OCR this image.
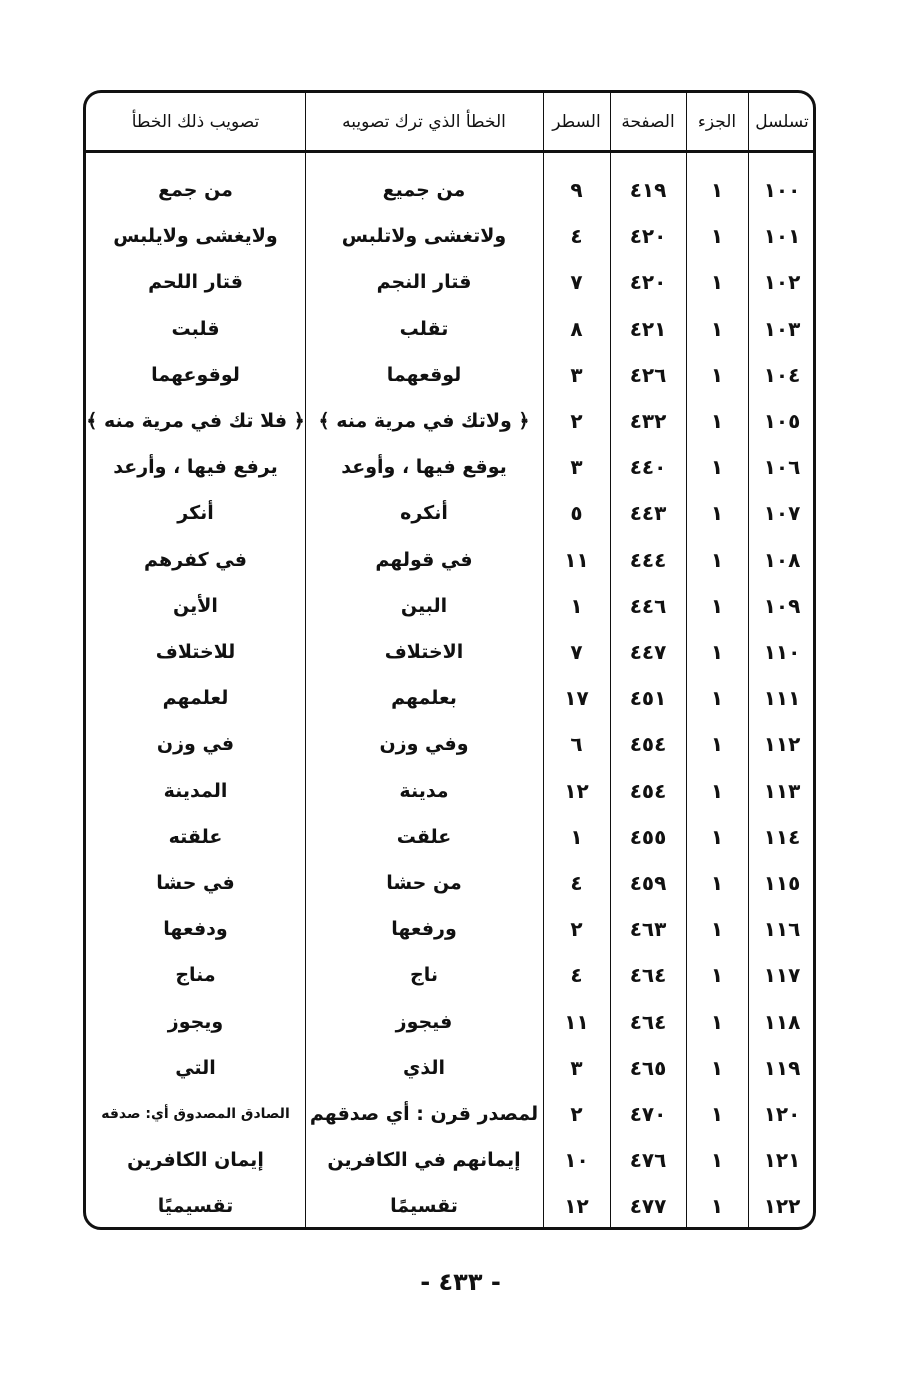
تسلسل
الجزء
الصفحة
السطر
الخطأ الذي ترك تصويبه
تصويب ذلك الخطأ
١٠٠
١
٤١٩
٩
من جميع
من جمع
١٠١
١
٤٢٠
٤
ولاتغشى ولاتلبس
ولايغشى ولايلبس
١٠٢
١
٤٢٠
٧
قتار النجم
قتار اللحم
١٠٣
١
٤٢١
٨
تقلب
قلبت
١٠٤
١
٤٢٦
٣
لوقعهما
لوقوعهما
١٠٥
١
٤٣٢
٢
﴿ ولاتك في مرية منه ﴾
﴿ فلا تك في مرية منه ﴾
١٠٦
١
٤٤٠
٣
يوقع فيها ، وأوعد
يرفع فيها ، وأرعد
١٠٧
١
٤٤٣
٥
أنكره
أنكر
١٠٨
١
٤٤٤
١١
في قولهم
في كفرهم
١٠٩
١
٤٤٦
١
البين
الأين
١١٠
١
٤٤٧
٧
الاختلاف
للاختلاف
١١١
١
٤٥١
١٧
بعلمهم
لعلمهم
١١٢
١
٤٥٤
٦
وفي وزن
في وزن
١١٣
١
٤٥٤
١٢
مدينة
المدينة
١١٤
١
٤٥٥
١
علقت
علقته
١١٥
١
٤٥٩
٤
من حشا
في حشا
١١٦
١
٤٦٣
٢
ورفعها
ودفعها
١١٧
١
٤٦٤
٤
ناج
مناج
١١٨
١
٤٦٤
١١
فيجوز
ويجوز
١١٩
١
٤٦٥
٣
الذي
التي
١٢٠
١
٤٧٠
٢
لمصدر قرن : أي صدقهم
الصادق المصدوق أي: صدقه
١٢١
١
٤٧٦
١٠
إيمانهم في الكافرين
إيمان الكافرين
١٢٢
١
٤٧٧
١٢
تقسيمًا
تقسيميًا
- ٤٣٣ -
